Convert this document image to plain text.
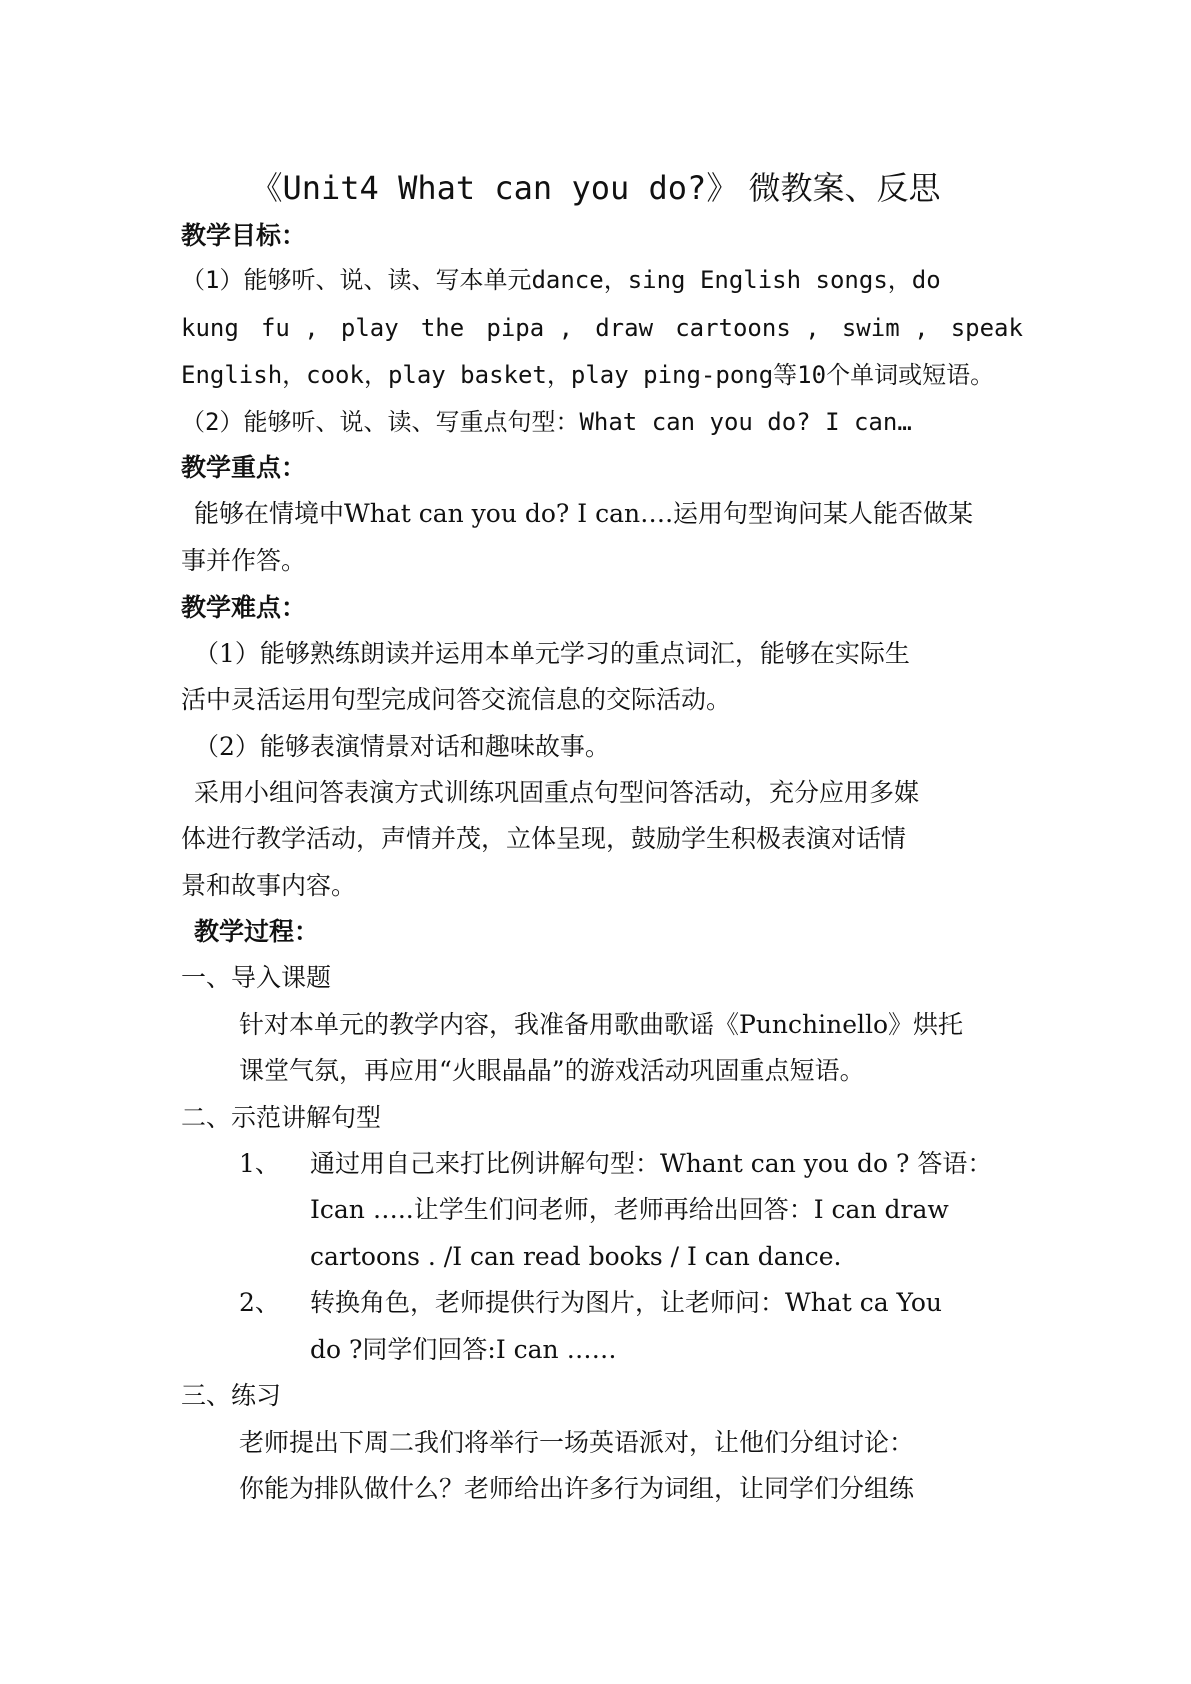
《Unit4 What can you do?》 微教案、反思
教学目标：
（1）能够听、说、读、写本单元dance，sing English songs，do
kung fu , play the pipa , draw cartoons , swim , speak
English，cook，play basket，play ping-pong等10个单词或短语。
（2）能够听、说、读、写重点句型：What can you do? I can…
教学重点：
能够在情境中What can you do? I can….运用句型询问某人能否做某
事并作答。
教学难点：
（1）能够熟练朗读并运用本单元学习的重点词汇，能够在实际生
活中灵活运用句型完成问答交流信息的交际活动。
（2）能够表演情景对话和趣味故事。
采用小组问答表演方式训练巩固重点句型问答活动，充分应用多媒
体进行教学活动，声情并茂，立体呈现，鼓励学生积极表演对话情
景和故事内容。
教学过程：
一、导入课题
针对本单元的教学内容，我准备用歌曲歌谣《Punchinello》烘托
课堂气氛，再应用“火眼晶晶”的游戏活动巩固重点短语。
二、示范讲解句型
1、 通过用自己来打比例讲解句型：Whant can you do ? 答语：
Ican …..让学生们问老师，老师再给出回答：I can draw
cartoons . /I can read books / I can dance.
2、 转换角色，老师提供行为图片，让老师问：What ca You
do ?同学们回答:I can ……
三、练习
老师提出下周二我们将举行一场英语派对，让他们分组讨论：
你能为排队做什么？老师给出许多行为词组，让同学们分组练
